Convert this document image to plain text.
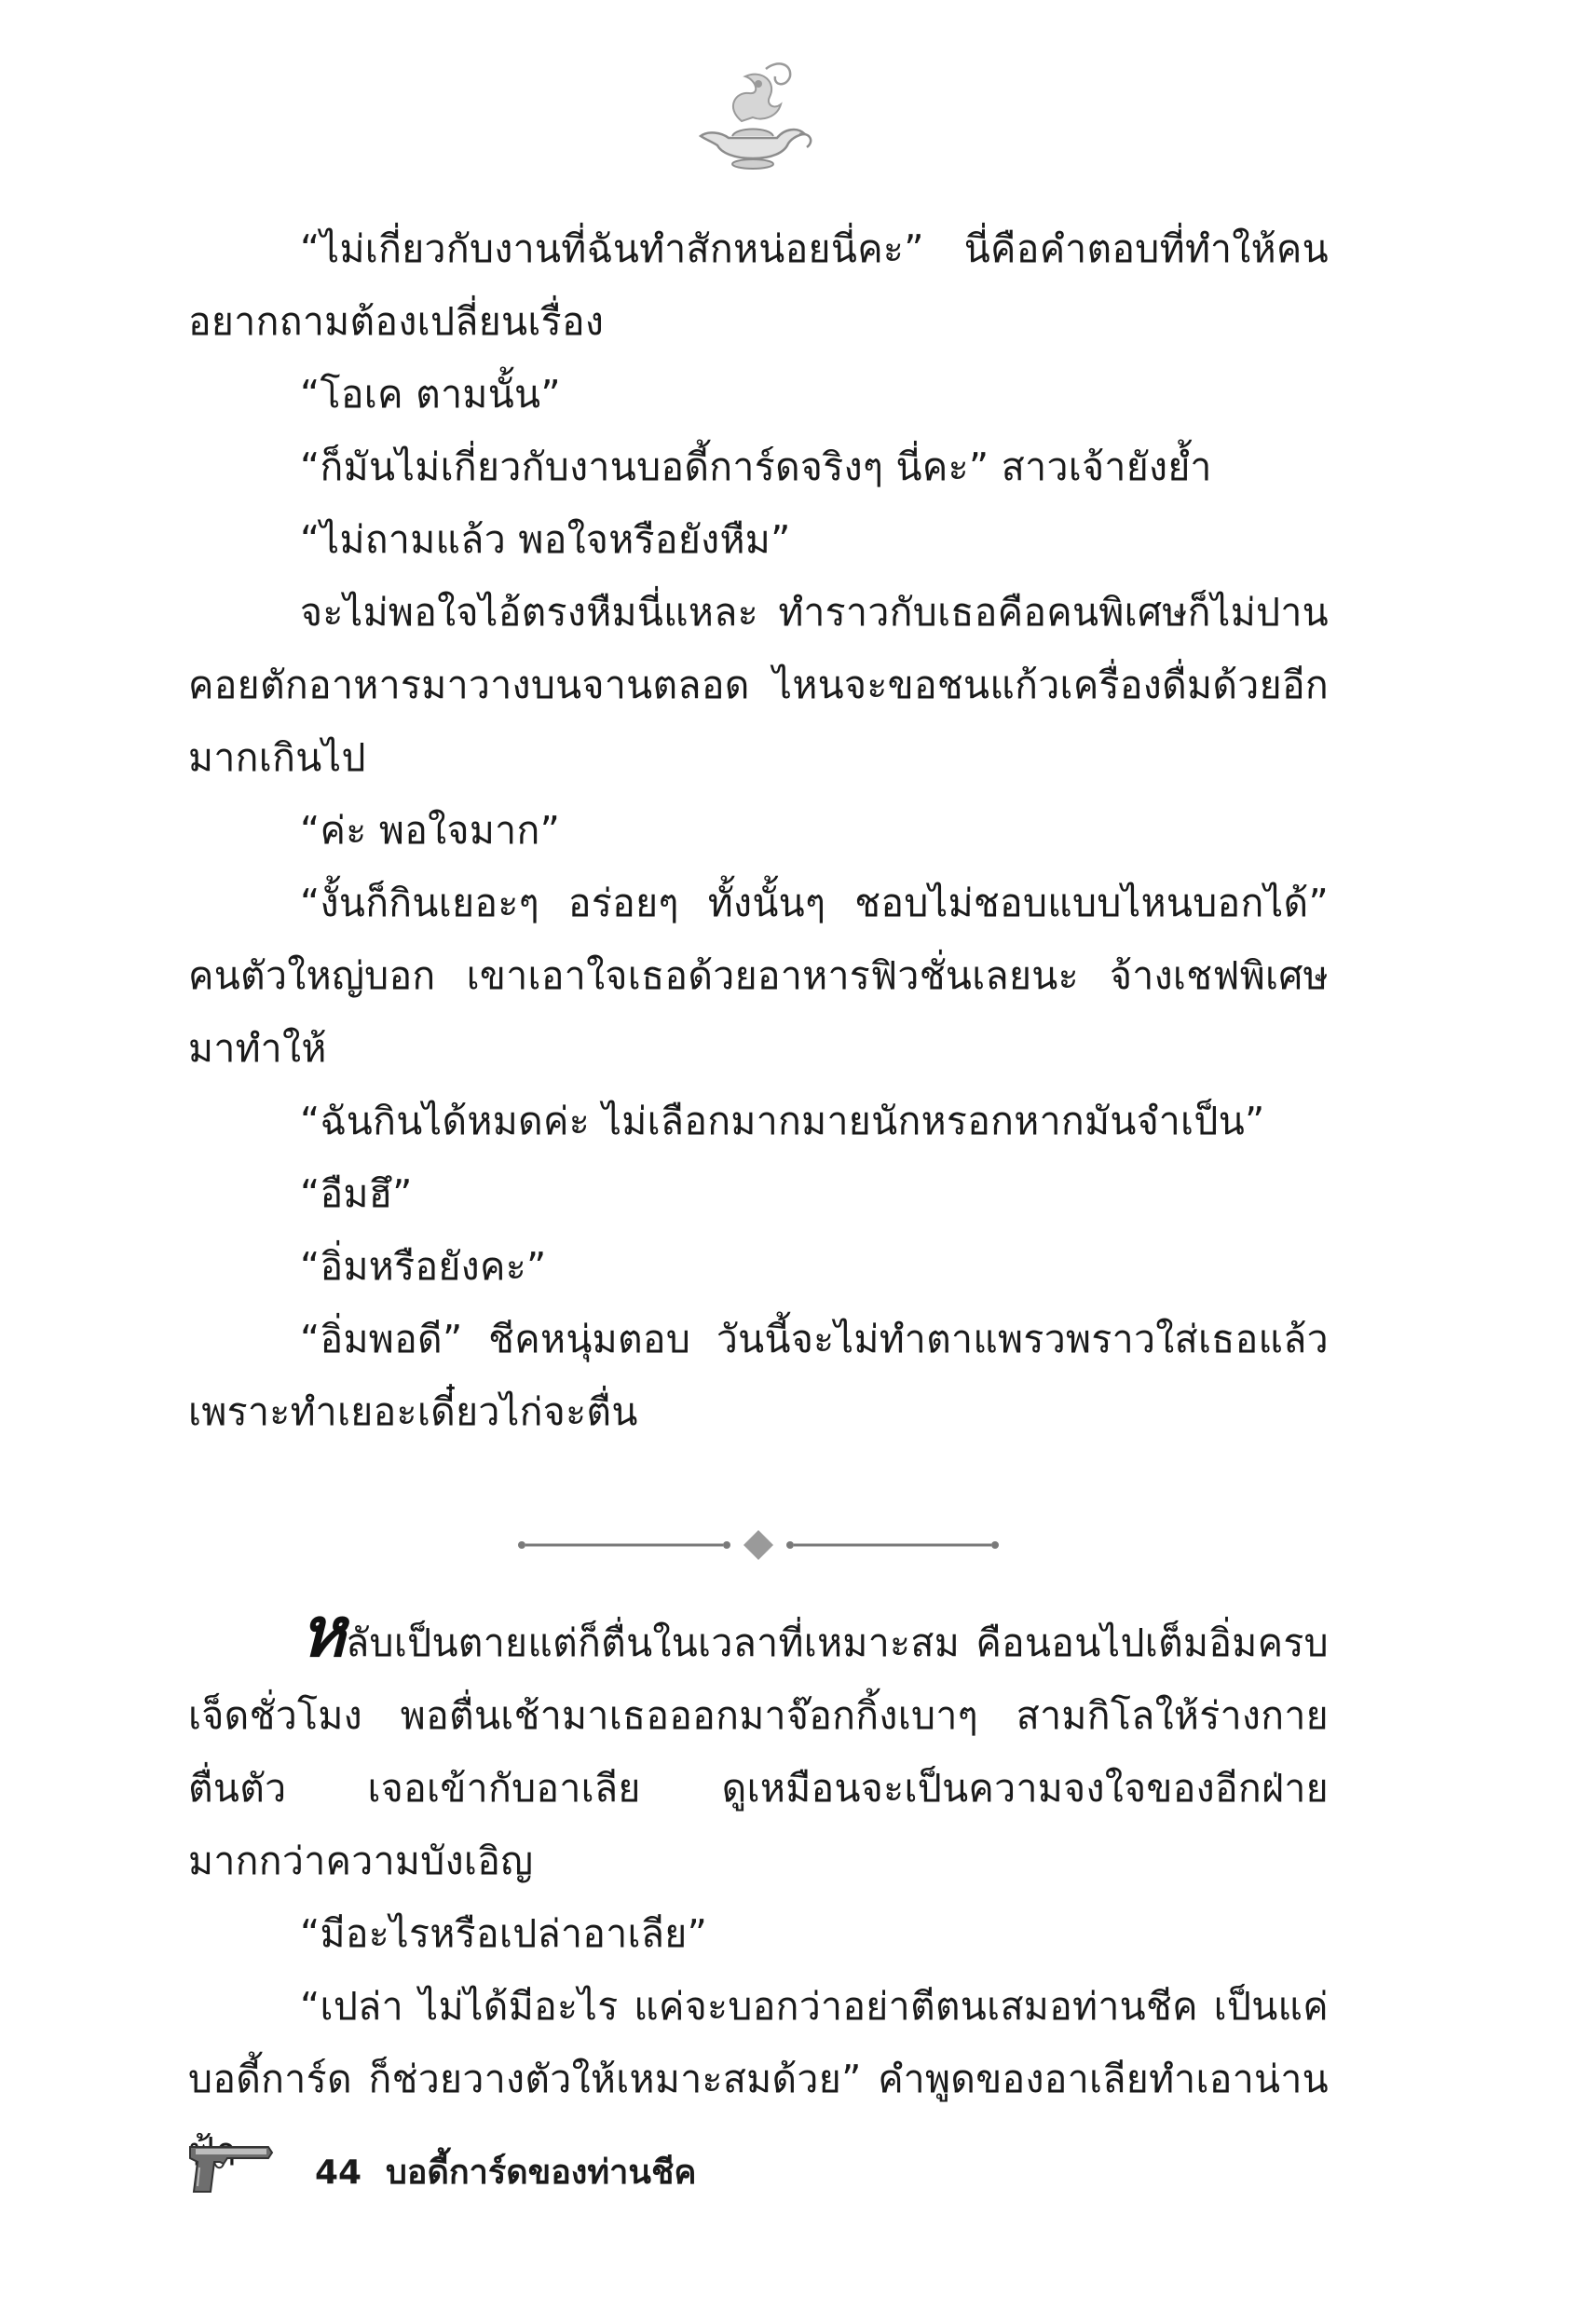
“ไม่เกี่ยวกับงานที่ฉันทำสักหน่อยนี่คะ” นี่คือคำตอบที่ทำให้คนอยากถามต้องเปลี่ยนเรื่อง

“โอเค ตามนั้น”

“ก็มันไม่เกี่ยวกับงานบอดี้การ์ดจริงๆ นี่คะ” สาวเจ้ายังย้ำ

“ไม่ถามแล้ว พอใจหรือยังหืม”

จะไม่พอใจไอ้ตรงหืมนี่แหละ ทำราวกับเธอคือคนพิเศษก็ไม่ปาน คอยตักอาหารมาวางบนจานตลอด ไหนจะขอชนแก้วเครื่องดื่มด้วยอีกมากเกินไป

“ค่ะ พอใจมาก”

“งั้นก็กินเยอะๆ อร่อยๆ ทั้งนั้นๆ ชอบไม่ชอบแบบไหนบอกได้” คนตัวใหญ่บอก เขาเอาใจเธอด้วยอาหารฟิวชั่นเลยนะ จ้างเชฟพิเศษมาทำให้

“ฉันกินได้หมดค่ะ ไม่เลือกมากมายนักหรอกหากมันจำเป็น”

“อืมฮึ”

“อิ่มหรือยังคะ”

“อิ่มพอดี” ชีคหนุ่มตอบ วันนี้จะไม่ทำตาแพรวพราวใส่เธอแล้ว เพราะทำเยอะเดี๋ยวไก่จะตื่น

หลับเป็นตายแต่ก็ตื่นในเวลาที่เหมาะสม คือนอนไปเต็มอิ่มครบเจ็ดชั่วโมง พอตื่นเช้ามาเธอออกมาจ๊อกกิ้งเบาๆ สามกิโลให้ร่างกายตื่นตัว เจอเข้ากับอาเลีย ดูเหมือนจะเป็นความจงใจของอีกฝ่ายมากกว่าความบังเอิญ

“มีอะไรหรือเปล่าอาเลีย”

“เปล่า ไม่ได้มีอะไร แค่จะบอกว่าอย่าตีตนเสมอท่านชีค เป็นแค่บอดี้การ์ด ก็ช่วยวางตัวให้เหมาะสมด้วย” คำพูดของอาเลียทำเอาน่าน

44 บอดี้การ์ดของท่านชีค
